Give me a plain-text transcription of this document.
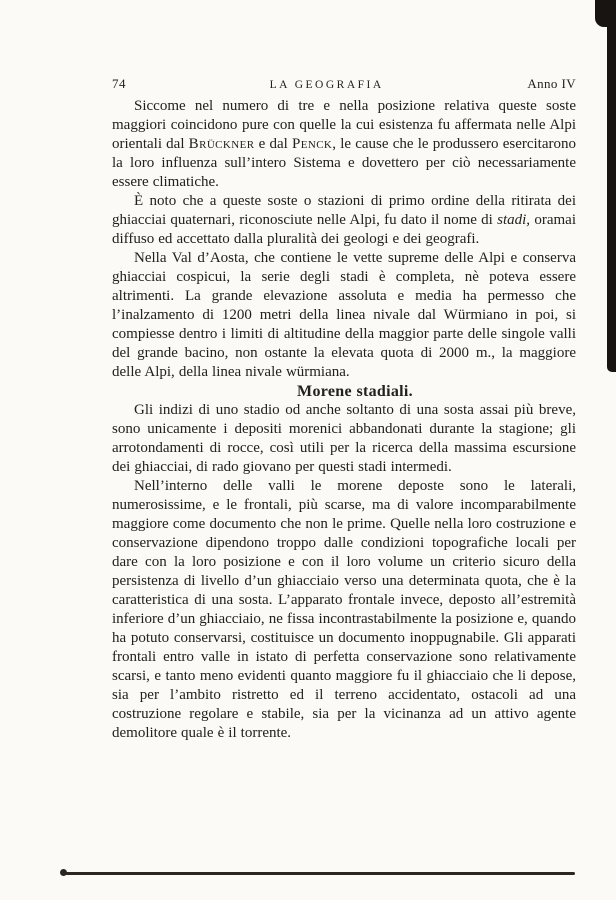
74	LA GEOGRAFIA	Anno IV

Siccome nel numero di tre e nella posizione relativa queste soste maggiori coincidono pure con quelle la cui esistenza fu affermata nelle Alpi orientali dal Brückner e dal Penck, le cause che le produssero esercitarono la loro influenza sull’intero Sistema e dovettero per ciò necessariamente essere climatiche.

È noto che a queste soste o stazioni di primo ordine della ritirata dei ghiacciai quaternari, riconosciute nelle Alpi, fu dato il nome di stadi, oramai diffuso ed accettato dalla pluralità dei geologi e dei geografi.

Nella Val d’Aosta, che contiene le vette supreme delle Alpi e conserva ghiacciai cospicui, la serie degli stadi è completa, nè poteva essere altrimenti. La grande elevazione assoluta e media ha permesso che l’inalzamento di 1200 metri della linea nivale dal Würmiano in poi, si compiesse dentro i limiti di altitudine della maggior parte delle singole valli del grande bacino, non ostante la elevata quota di 2000 m., la maggiore delle Alpi, della linea nivale würmiana.

Morene stadiali.

Gli indizi di uno stadio od anche soltanto di una sosta assai più breve, sono unicamente i depositi morenici abbandonati durante la stagione; gli arrotondamenti di rocce, così utili per la ricerca della massima escursione dei ghiacciai, di rado giovano per questi stadi intermedi.

Nell’interno delle valli le morene deposte sono le laterali, numerosissime, e le frontali, più scarse, ma di valore incomparabilmente maggiore come documento che non le prime. Quelle nella loro costruzione e conservazione dipendono troppo dalle condizioni topografiche locali per dare con la loro posizione e con il loro volume un criterio sicuro della persistenza di livello d’un ghiacciaio verso una determinata quota, che è la caratteristica di una sosta. L’apparato frontale invece, deposto all’estremità inferiore d’un ghiacciaio, ne fissa incontrastabilmente la posizione e, quando ha potuto conservarsi, costituisce un documento inoppugnabile. Gli apparati frontali entro valle in istato di perfetta conservazione sono relativamente scarsi, e tanto meno evidenti quanto maggiore fu il ghiacciaio che li depose, sia per l’ambito ristretto ed il terreno accidentato, ostacoli ad una costruzione regolare e stabile, sia per la vicinanza ad un attivo agente demolitore quale è il torrente.
